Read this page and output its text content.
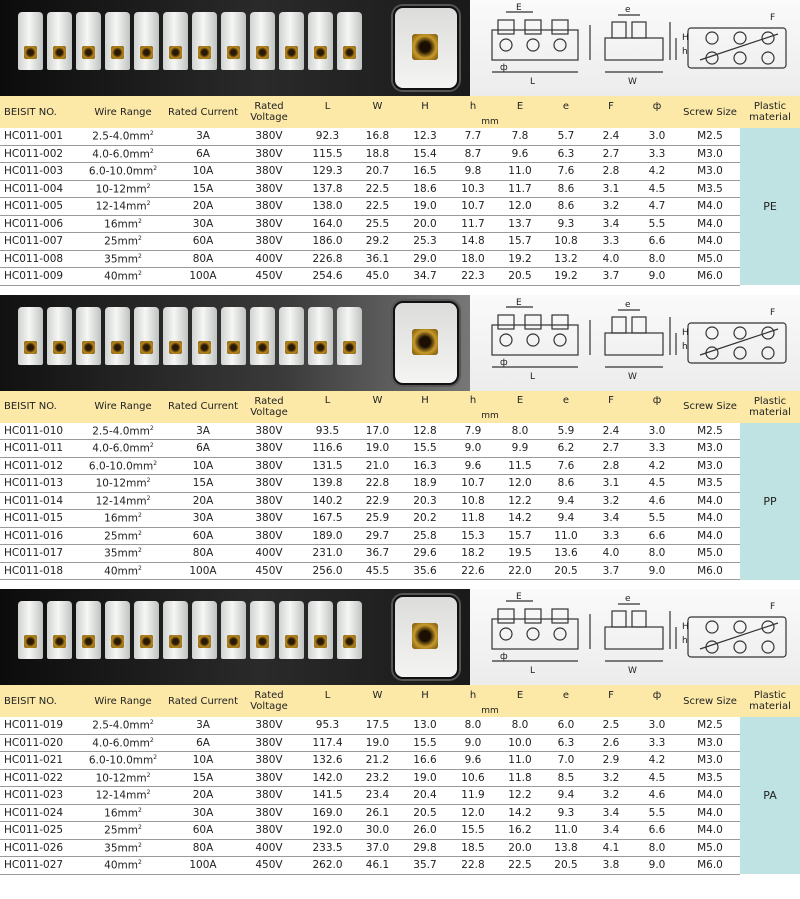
E
ф
L
e
H
h
W
F
BEISIT NO.	Wire Range	Rated Current	Rated Voltage	L	W	H	h	E	e	F	ф	Screw Size	Plastic material
				mm									
HC011-001	$2.5-4.0mm^2$	3A	380V	92.3	16.8	12.3	7.7	7.8	5.7	2.4	3.0	M2.5	PE
HC011-002	$4.0-6.0mm^2$	6A	380V	115.5	18.8	15.4	8.7	9.6	6.3	2.7	3.3	M3.0	
HC011-003	$6.0-10.0mm^2$	10A	380V	129.3	20.7	16.5	9.8	11.0	7.6	2.8	4.2	M3.0	
HC011-004	$10-12mm^2$	15A	380V	137.8	22.5	18.6	10.3	11.7	8.6	3.1	4.5	M3.5	
HC011-005	$12-14mm^2$	20A	380V	138.0	22.5	19.0	10.7	12.0	8.6	3.2	4.7	M4.0	
HC011-006	$16mm^2$	30A	380V	164.0	25.5	20.0	11.7	13.7	9.3	3.4	5.5	M4.0	
HC011-007	$25mm^2$	60A	380V	186.0	29.2	25.3	14.8	15.7	10.8	3.3	6.6	M4.0	
HC011-008	$35mm^2$	80A	400V	226.8	36.1	29.0	18.0	19.2	13.2	4.0	8.0	M5.0	
HC011-009	$40mm^2$	100A	450V	254.6	45.0	34.7	22.3	20.5	19.2	3.7	9.0	M6.0	
E
ф
L
e
H
h
W
F
BEISIT NO.	Wire Range	Rated Current	Rated Voltage	L	W	H	h	E	e	F	ф	Screw Size	Plastic material
				mm									
HC011-010	$2.5-4.0mm^2$	3A	380V	93.5	17.0	12.8	7.9	8.0	5.9	2.4	3.0	M2.5	PP
HC011-011	$4.0-6.0mm^2$	6A	380V	116.6	19.0	15.5	9.0	9.9	6.2	2.7	3.3	M3.0	
HC011-012	$6.0-10.0mm^2$	10A	380V	131.5	21.0	16.3	9.6	11.5	7.6	2.8	4.2	M3.0	
HC011-013	$10-12mm^2$	15A	380V	139.8	22.8	18.9	10.7	12.0	8.6	3.1	4.5	M3.5	
HC011-014	$12-14mm^2$	20A	380V	140.2	22.9	20.3	10.8	12.2	9.4	3.2	4.6	M4.0	
HC011-015	$16mm^2$	30A	380V	167.5	25.9	20.2	11.8	14.2	9.4	3.4	5.5	M4.0	
HC011-016	$25mm^2$	60A	380V	189.0	29.7	25.8	15.3	15.7	11.0	3.3	6.6	M4.0	
HC011-017	$35mm^2$	80A	400V	231.0	36.7	29.6	18.2	19.5	13.6	4.0	8.0	M5.0	
HC011-018	$40mm^2$	100A	450V	256.0	45.5	35.6	22.6	22.0	20.5	3.7	9.0	M6.0	
E
ф
L
e
H
h
W
F
BEISIT NO.	Wire Range	Rated Current	Rated Voltage	L	W	H	h	E	e	F	ф	Screw Size	Plastic material
				mm									
HC011-019	$2.5-4.0mm^2$	3A	380V	95.3	17.5	13.0	8.0	8.0	6.0	2.5	3.0	M2.5	PA
HC011-020	$4.0-6.0mm^2$	6A	380V	117.4	19.0	15.5	9.0	10.0	6.3	2.6	3.3	M3.0	
HC011-021	$6.0-10.0mm^2$	10A	380V	132.6	21.2	16.6	9.6	11.0	7.0	2.9	4.2	M3.0	
HC011-022	$10-12mm^2$	15A	380V	142.0	23.2	19.0	10.6	11.8	8.5	3.2	4.5	M3.5	
HC011-023	$12-14mm^2$	20A	380V	141.5	23.4	20.4	11.9	12.2	9.4	3.2	4.6	M4.0	
HC011-024	$16mm^2$	30A	380V	169.0	26.1	20.5	12.0	14.2	9.3	3.4	5.5	M4.0	
HC011-025	$25mm^2$	60A	380V	192.0	30.0	26.0	15.5	16.2	11.0	3.4	6.6	M4.0	
HC011-026	$35mm^2$	80A	400V	233.5	37.0	29.8	18.5	20.0	13.8	4.1	8.0	M5.0	
HC011-027	$40mm^2$	100A	450V	262.0	46.1	35.7	22.8	22.5	20.5	3.8	9.0	M6.0	
